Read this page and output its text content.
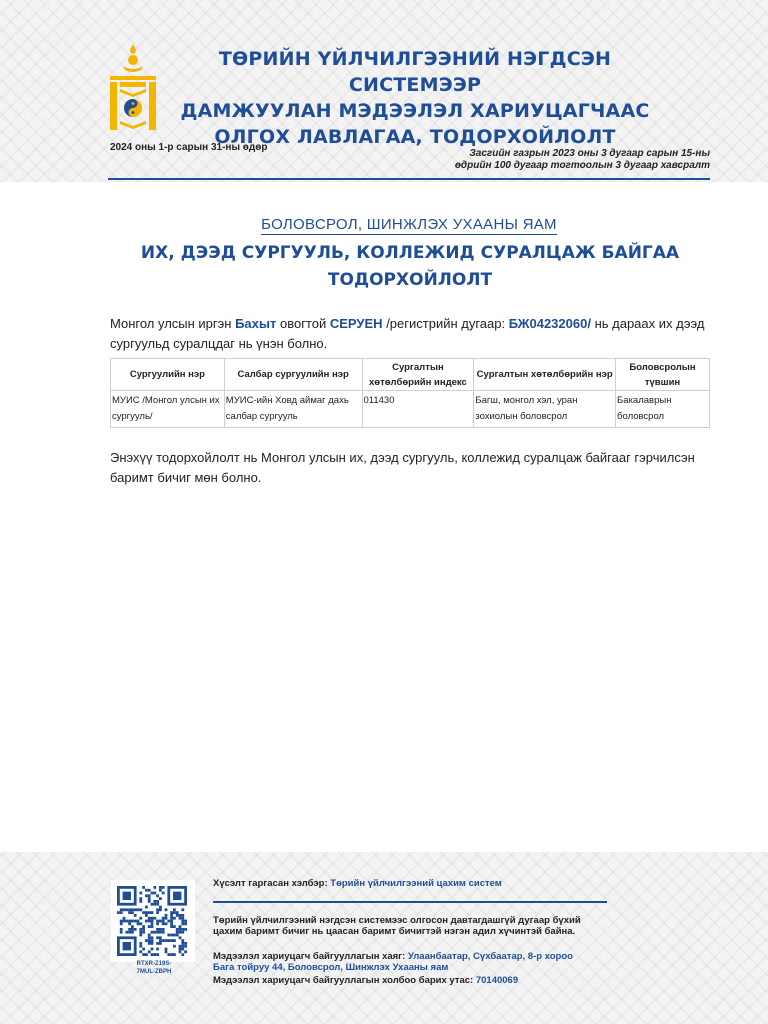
ТӨРИЙН ҮЙЛЧИЛГЭЭНИЙ НЭГДСЭН СИСТЕМЭЭР
ДАМЖУУЛАН МЭДЭЭЛЭЛ ХАРИУЦАГЧААС
ОЛГОХ ЛАВЛАГАА, ТОДОРХОЙЛОЛТ
2024 оны 1-р сарын 31-ны өдөр
Засгийн газрын 2023 оны 3 дугаар сарын 15-ны
өдрийн 100 дугаар тогтоолын 3 дугаар хавсралт
БОЛОВСРОЛ, ШИНЖЛЭХ УХААНЫ ЯАМ
ИХ, ДЭЭД СУРГУУЛЬ, КОЛЛЕЖИД СУРАЛЦАЖ БАЙГАА
ТОДОРХОЙЛОЛТ
Монгол улсын иргэн Бахыт овогтой СЕРУЕН /регистрийн дугаар: БЖ04232060/ нь дараах их дээд сургуульд суралцдаг нь үнэн болно.
Сургуулийн нэр	Салбар сургуулийн нэр	Сургалтын хөтөлбөрийн индекс	Сургалтын хөтөлбөрийн нэр	Боловсролын түвшин
МУИС /Монгол улсын их сургууль/	МУИС-ийн Ховд аймаг дахь салбар сургууль	011430	Багш, монгол хэл, уран зохиолын боловсрол	Бакалаврын боловсрол
Энэхүү тодорхойлолт нь Монгол улсын их, дээд сургууль, коллежид суралцаж байгааг гэрчилсэн баримт бичиг мөн болно.
RTXR-Z19S-
7MUL-ZBPH
Хүсэлт гаргасан хэлбэр: Төрийн үйлчилгээний цахим систем
Төрийн үйлчилгээний нэгдсэн системээс олгосон давтагдашгүй дугаар бүхий
цахим баримт бичиг нь цаасан баримт бичигтэй нэгэн адил хүчинтэй байна.
Мэдээлэл хариуцагч байгууллагын хаяг: Улаанбаатар, Сүхбаатар, 8-р хороо
Бага тойруу 44, Боловсрол, Шинжлэх Ухааны яам
Мэдээлэл хариуцагч байгууллагын холбоо барих утас: 70140069
